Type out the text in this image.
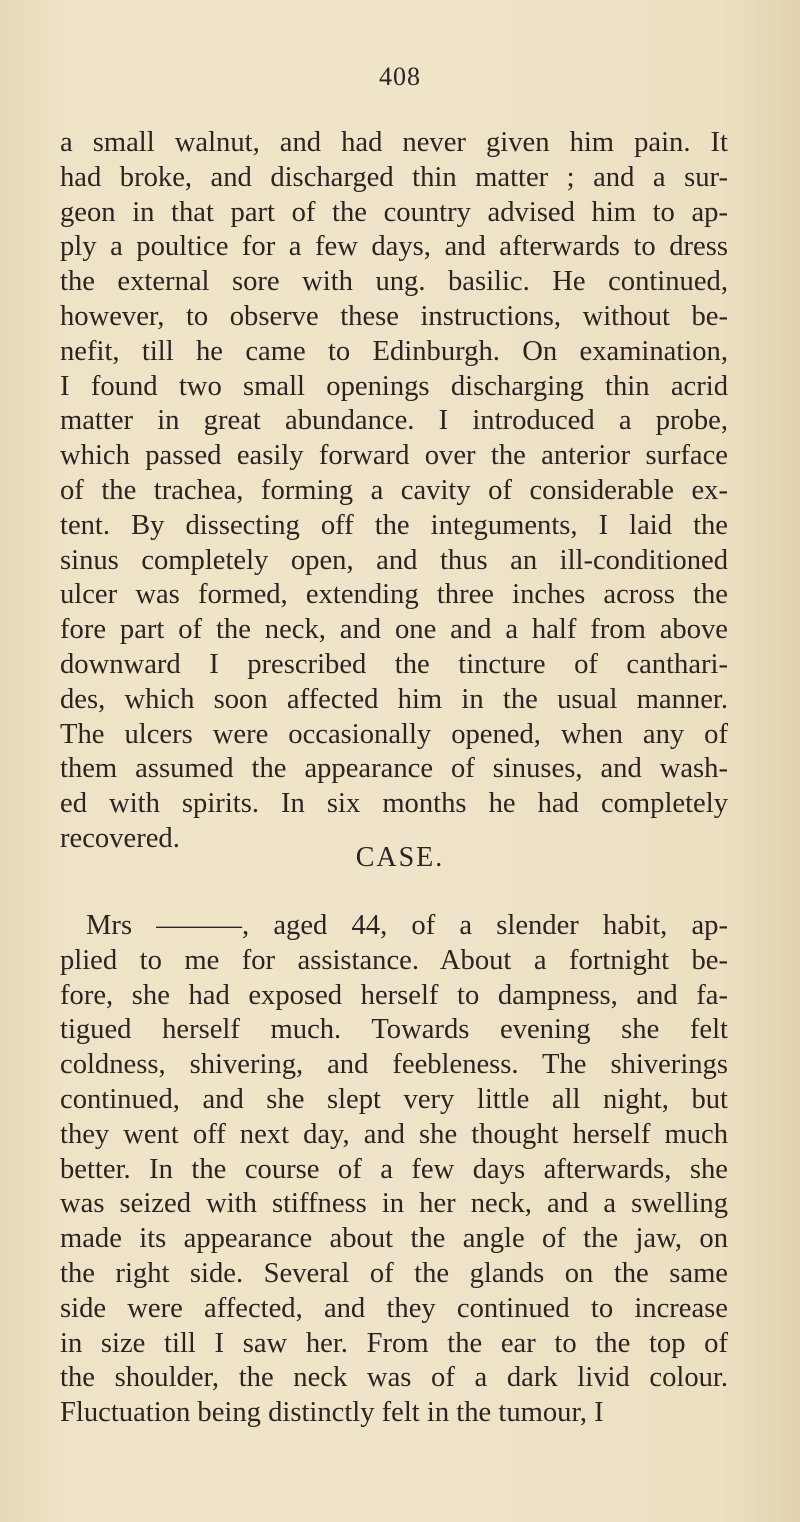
408
a small walnut, and had never given him pain. It
had broke, and discharged thin matter ; and a sur-
geon in that part of the country advised him to ap-
ply a poultice for a few days, and afterwards to dress
the external sore with ung. basilic. He continued,
however, to observe these instructions, without be-
nefit, till he came to Edinburgh. On examination,
I found two small openings discharging thin acrid
matter in great abundance. I introduced a probe,
which passed easily forward over the anterior surface
of the trachea, forming a cavity of considerable ex-
tent. By dissecting off the integuments, I laid the
sinus completely open, and thus an ill-conditioned
ulcer was formed, extending three inches across the
fore part of the neck, and one and a half from above
downward I prescribed the tincture of canthari-
des, which soon affected him in the usual manner.
The ulcers were occasionally opened, when any of
them assumed the appearance of sinuses, and wash-
ed with spirits. In six months he had completely
recovered.
CASE.
Mrs ———, aged 44, of a slender habit, ap-
plied to me for assistance. About a fortnight be-
fore, she had exposed herself to dampness, and fa-
tigued herself much. Towards evening she felt
coldness, shivering, and feebleness. The shiverings
continued, and she slept very little all night, but
they went off next day, and she thought herself much
better. In the course of a few days afterwards, she
was seized with stiffness in her neck, and a swelling
made its appearance about the angle of the jaw, on
the right side. Several of the glands on the same
side were affected, and they continued to increase
in size till I saw her. From the ear to the top of
the shoulder, the neck was of a dark livid colour.
Fluctuation being distinctly felt in the tumour, I
